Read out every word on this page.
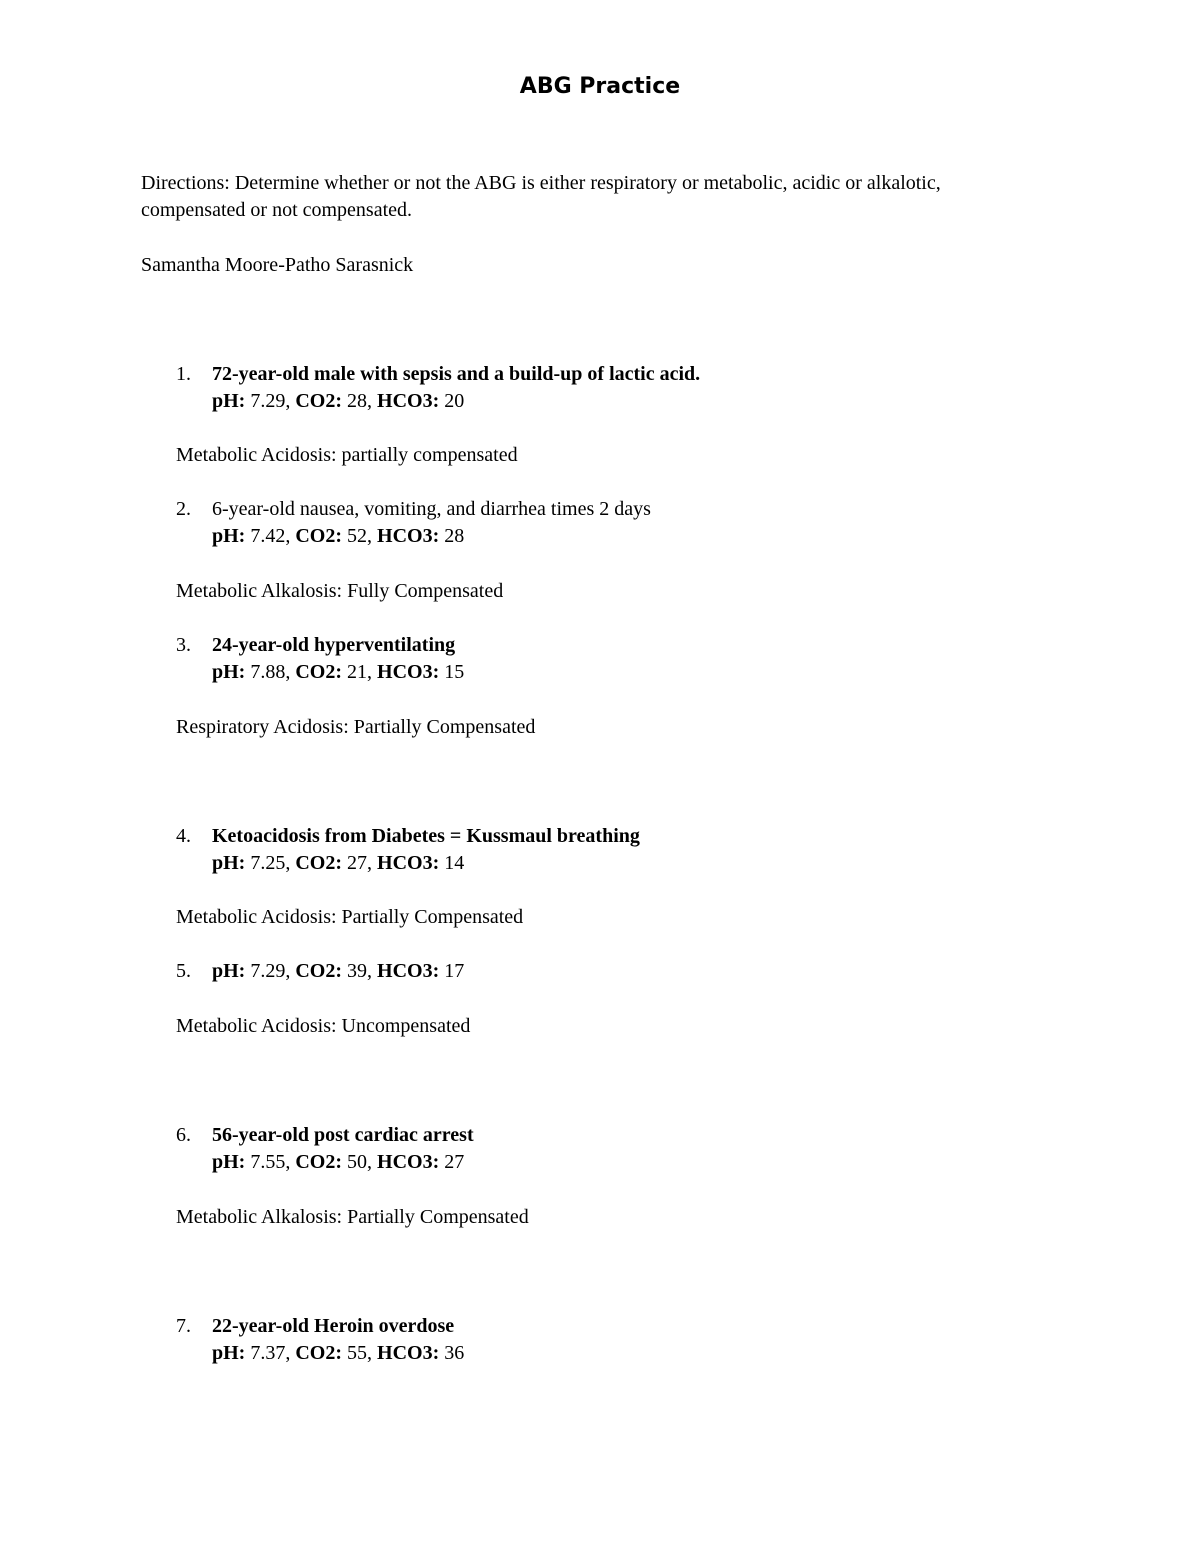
ABG Practice
Directions: Determine whether or not the ABG is either respiratory or metabolic, acidic or alkalotic, compensated or not compensated.
Samantha Moore-Patho Sarasnick
1.	72-year-old male with sepsis and a build-up of lactic acid.
pH: 7.29, CO2: 28, HCO3: 20
Metabolic Acidosis: partially compensated
2.	6-year-old nausea, vomiting, and diarrhea times 2 days
pH: 7.42, CO2: 52, HCO3: 28
Metabolic Alkalosis: Fully Compensated
3.	24-year-old hyperventilating
pH: 7.88, CO2: 21, HCO3: 15
Respiratory Acidosis: Partially Compensated
4.	Ketoacidosis from Diabetes = Kussmaul breathing
pH: 7.25, CO2: 27, HCO3: 14
Metabolic Acidosis: Partially Compensated
5.	pH: 7.29, CO2: 39, HCO3: 17
Metabolic Acidosis: Uncompensated
6.	56-year-old post cardiac arrest
pH: 7.55, CO2: 50, HCO3: 27
Metabolic Alkalosis: Partially Compensated
7.	22-year-old Heroin overdose
pH: 7.37, CO2: 55, HCO3: 36
